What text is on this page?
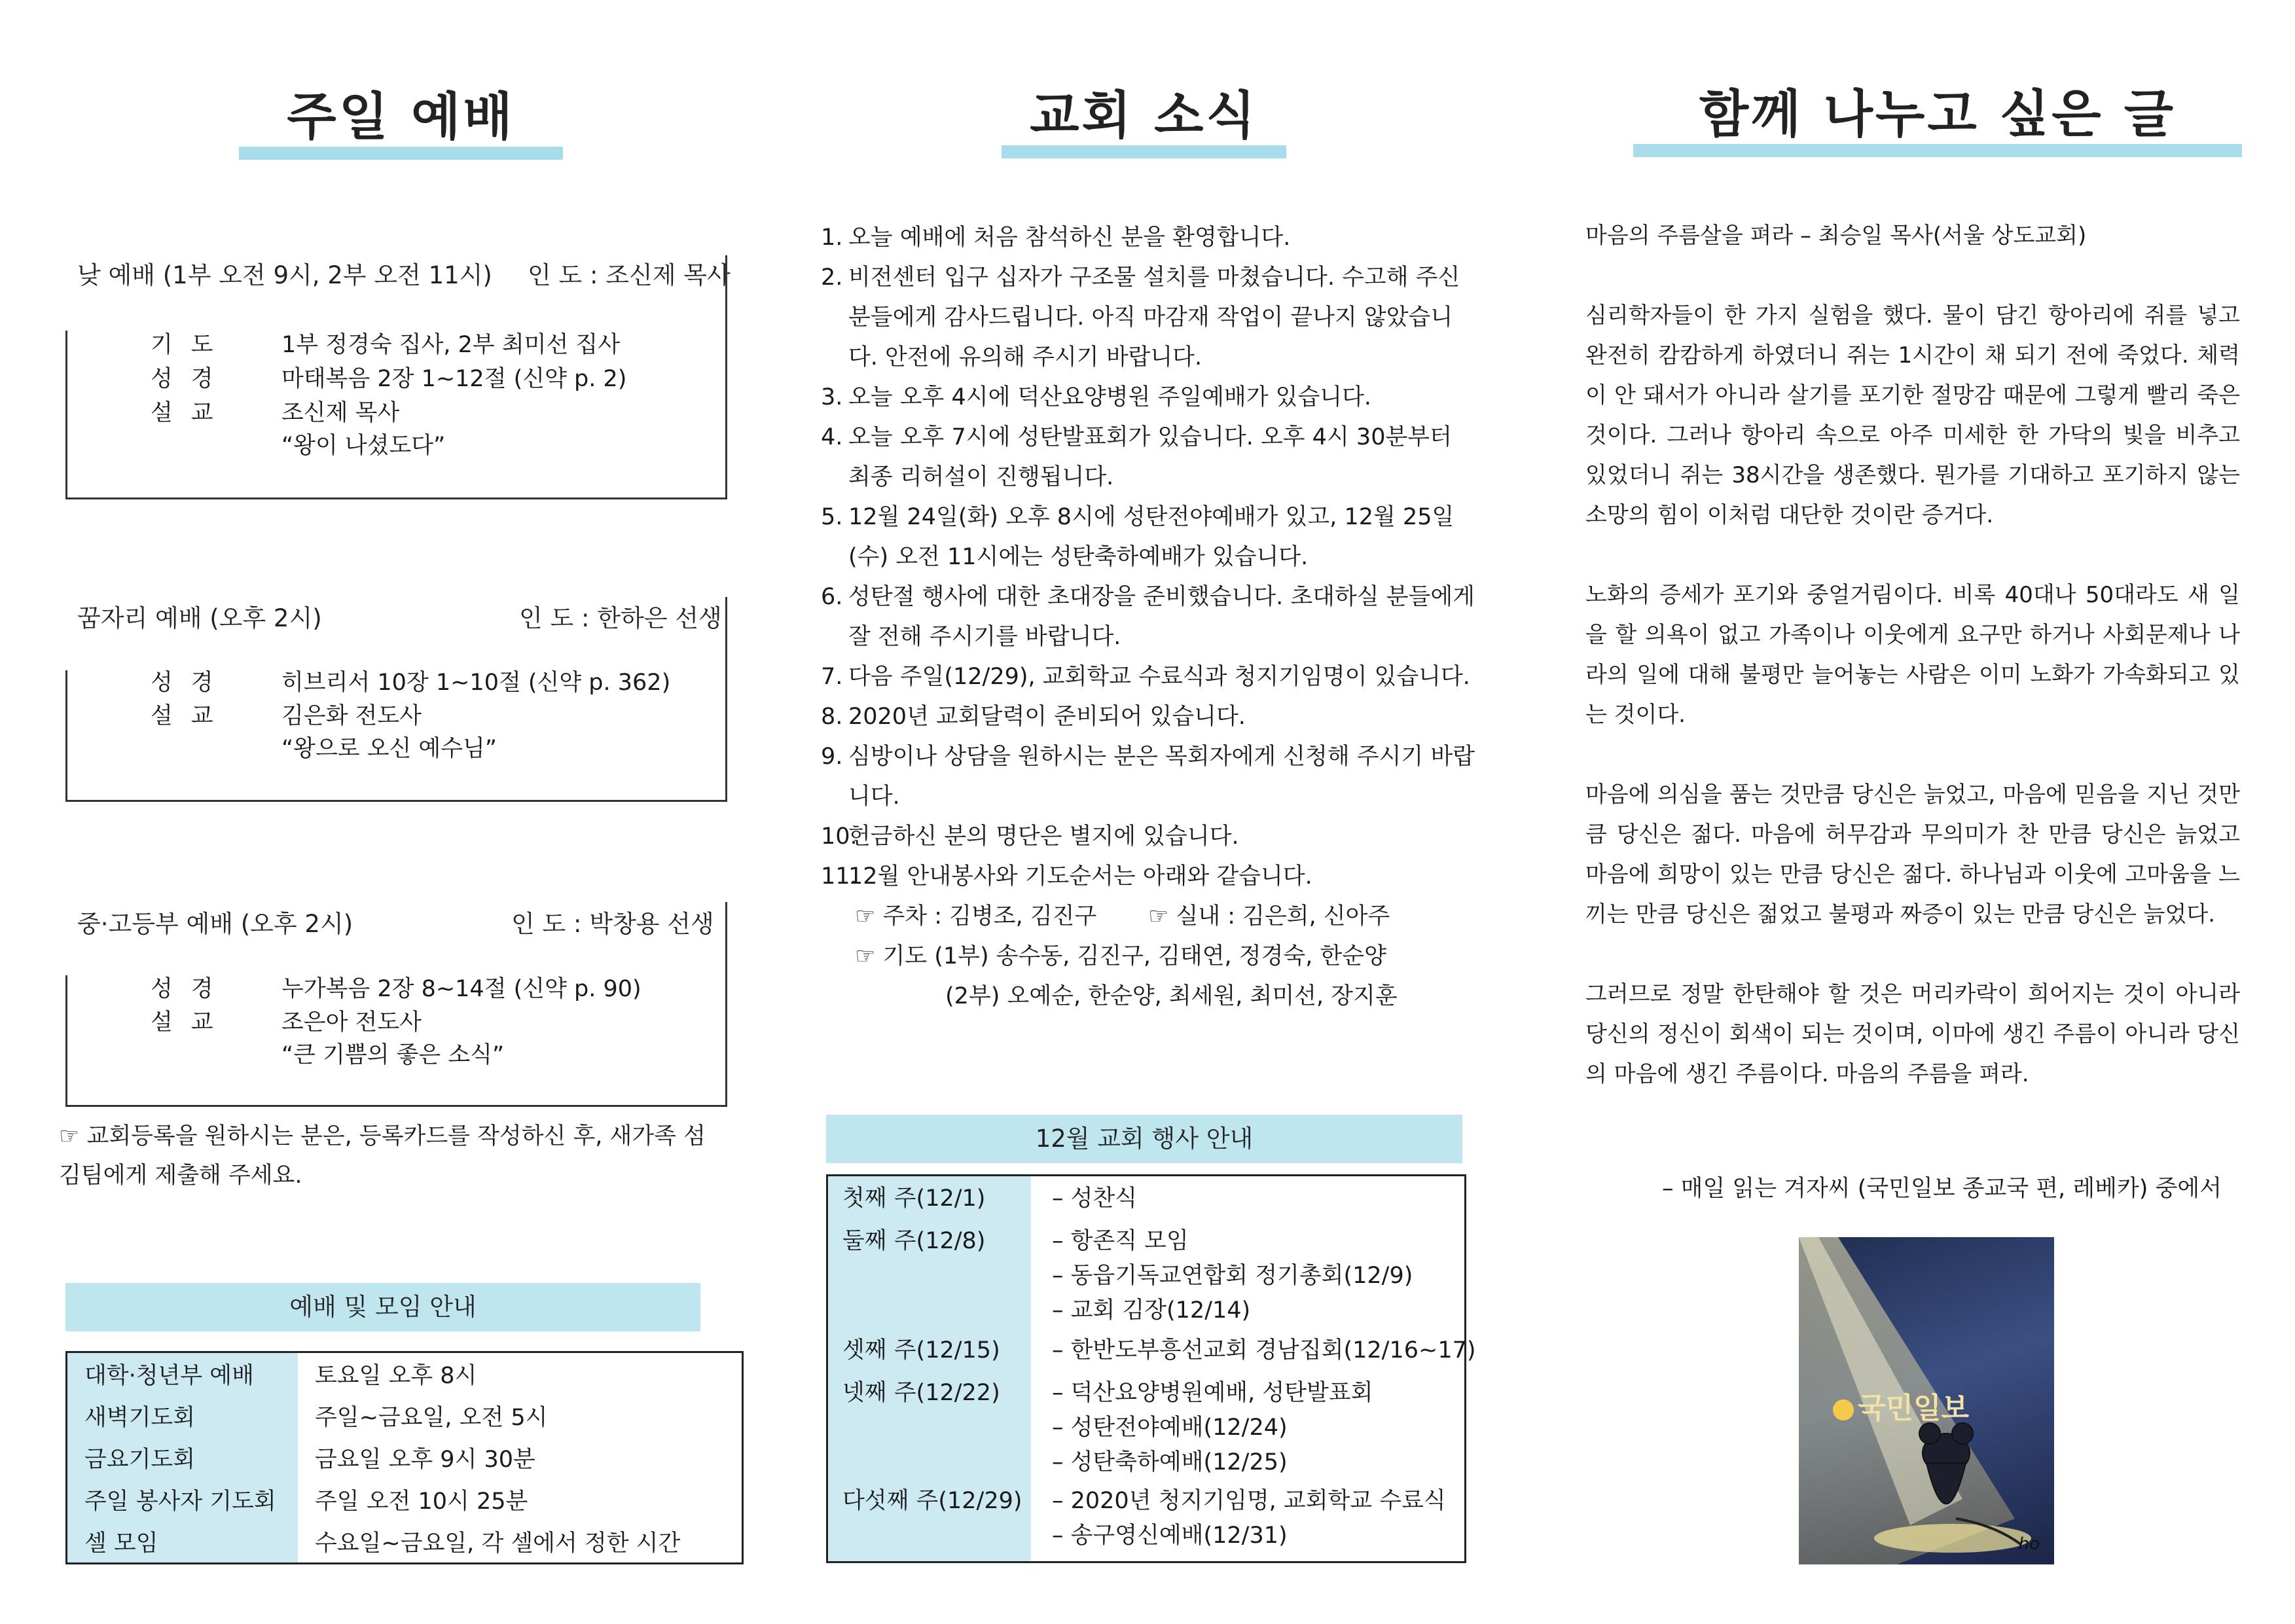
주일 예배
낮 예배 (1부 오전 9시, 2부 오전 11시) 인 도 : 조신제 목사
기도 1부 정경숙 집사, 2부 최미선 집사
성경 마태복음 2장 1~12절 (신약 p. 2)
설교 조신제 목사
“왕이 나셨도다”
꿈자리 예배 (오후 2시)	인 도 : 한하은 선생
성경 히브리서 10장 1~10절 (신약 p. 362)
설교 김은화 전도사
“왕으로 오신 예수님”
중·고등부 예배 (오후 2시)	인 도 : 박창용 선생
성경 누가복음 2장 8~14절 (신약 p. 90)
설교 조은아 전도사
“큰 기쁨의 좋은 소식”
☞ 교회등록을 원하시는 분은, 등록카드를 작성하신 후, 새가족 섬김팀에게 제출해 주세요.
예배 및 모임 안내
대학·청년부 예배	토요일 오후 8시
새벽기도회	주일~금요일, 오전 5시
금요기도회	금요일 오후 9시 30분
주일 봉사자 기도회	주일 오전 10시 25분
셀 모임	수요일~금요일, 각 셀에서 정한 시간
교회 소식
1. 오늘 예배에 처음 참석하신 분을 환영합니다.
2. 비전센터 입구 십자가 구조물 설치를 마쳤습니다. 수고해 주신 분들에게 감사드립니다. 아직 마감재 작업이 끝나지 않았습니다. 안전에 유의해 주시기 바랍니다.
3. 오늘 오후 4시에 덕산요양병원 주일예배가 있습니다.
4. 오늘 오후 7시에 성탄발표회가 있습니다. 오후 4시 30분부터 최종 리허설이 진행됩니다.
5. 12월 24일(화) 오후 8시에 성탄전야예배가 있고, 12월 25일(수) 오전 11시에는 성탄축하예배가 있습니다.
6. 성탄절 행사에 대한 초대장을 준비했습니다. 초대하실 분들에게 잘 전해 주시기를 바랍니다.
7. 다음 주일(12/29), 교회학교 수료식과 청지기임명이 있습니다.
8. 2020년 교회달력이 준비되어 있습니다.
9. 심방이나 상담을 원하시는 분은 목회자에게 신청해 주시기 바랍니다.
10.
헌금하신 분의 명단은 별지에 있습니다.
11.
12월 안내봉사와 기도순서는 아래와 같습니다.
☞ 주차 : 김병조, 김진구 ☞ 실내 : 김은희, 신아주
☞ 기도 (1부) 송수동, 김진구, 김태연, 정경숙, 한순양
(2부) 오예순, 한순양, 최세원, 최미선, 장지훈
12월 교회 행사 안내
첫째 주(12/1)	– 성찬식
둘째 주(12/8)	– 항존직 모임
– 동읍기독교연합회 정기총회(12/9)
– 교회 김장(12/14)
셋째 주(12/15) – 한반도부흥선교회 경남집회(12/16~17)
넷째 주(12/22) – 덕산요양병원예배, 성탄발표회
– 성탄전야예배(12/24)
– 성탄축하예배(12/25)
다섯째 주(12/29) – 2020년 청지기임명, 교회학교 수료식
– 송구영신예배(12/31)
함께 나누고 싶은 글

마음의 주름살을 펴라 – 최승일 목사(서울 상도교회)

심리학자들이 한 가지 실험을 했다. 물이 담긴 항아리에 쥐를 넣고 완전히 캄캄하게 하였더니 쥐는 1시간이 채 되기 전에 죽었다. 체력이 안 돼서가 아니라 살기를 포기한 절망감 때문에 그렇게 빨리 죽은 것이다. 그러나 항아리 속으로 아주 미세한 한 가닥의 빛을 비추고 있었더니 쥐는 38시간을 생존했다. 뭔가를 기대하고 포기하지 않는 소망의 힘이 이처럼 대단한 것이란 증거다.

노화의 증세가 포기와 중얼거림이다. 비록 40대나 50대라도 새 일을 할 의욕이 없고 가족이나 이웃에게 요구만 하거나 사회문제나 나라의 일에 대해 불평만 늘어놓는 사람은 이미 노화가 가속화되고 있는 것이다.

마음에 의심을 품는 것만큼 당신은 늙었고, 마음에 믿음을 지닌 것만큼 당신은 젊다. 마음에 허무감과 무의미가 찬 만큼 당신은 늙었고 마음에 희망이 있는 만큼 당신은 젊다. 하나님과 이웃에 고마움을 느끼는 만큼 당신은 젊었고 불평과 짜증이 있는 만큼 당신은 늙었다.

그러므로 정말 한탄해야 할 것은 머리카락이 희어지는 것이 아니라 당신의 정신이 회색이 되는 것이며, 이마에 생긴 주름이 아니라 당신의 마음에 생긴 주름이다. 마음의 주름을 펴라.

– 매일 읽는 겨자씨 (국민일보 종교국 편, 레베카) 중에서
국민일보
ho
